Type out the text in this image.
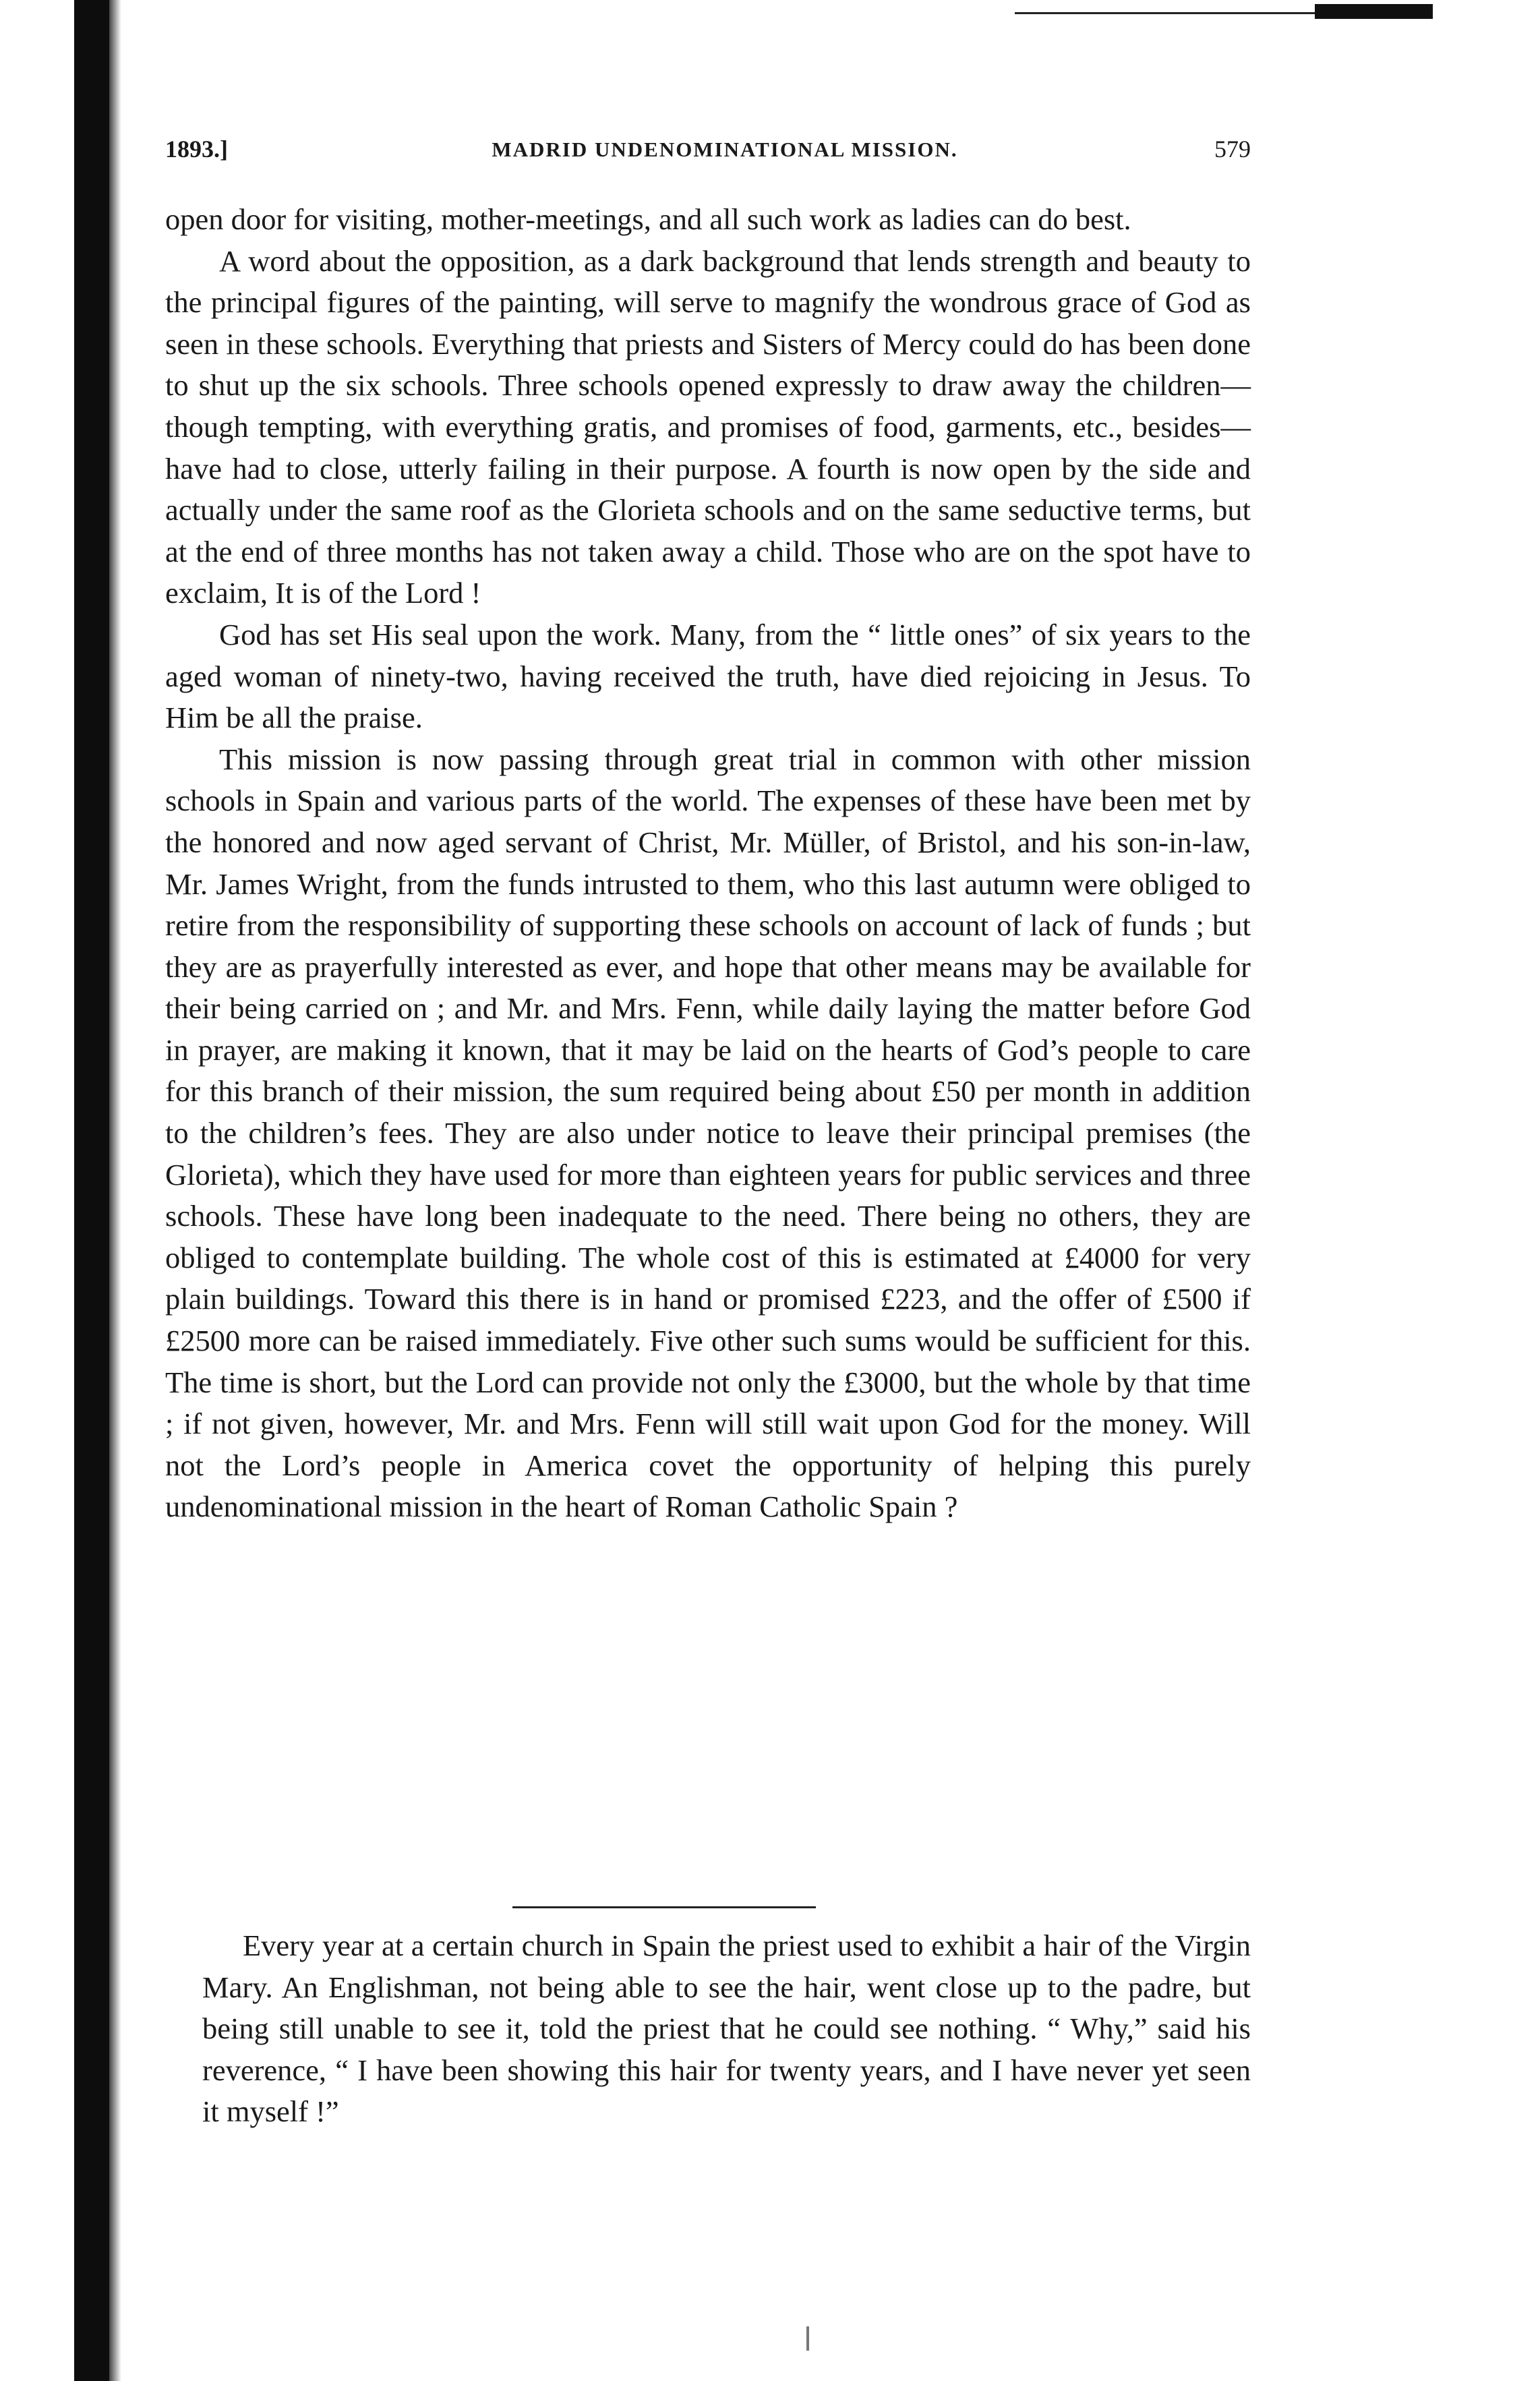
1893.]	MADRID UNDENOMINATIONAL MISSION.	579

open door for visiting, mother-meetings, and all such work as ladies can do best.

A word about the opposition, as a dark background that lends strength and beauty to the principal figures of the painting, will serve to magnify the wondrous grace of God as seen in these schools. Everything that priests and Sisters of Mercy could do has been done to shut up the six schools. Three schools opened expressly to draw away the children—though tempting, with everything gratis, and promises of food, garments, etc., besides—have had to close, utterly failing in their purpose. A fourth is now open by the side and actually under the same roof as the Glorieta schools and on the same seductive terms, but at the end of three months has not taken away a child. Those who are on the spot have to exclaim, It is of the Lord !

God has set His seal upon the work. Many, from the “ little ones” of six years to the aged woman of ninety-two, having received the truth, have died rejoicing in Jesus. To Him be all the praise.

This mission is now passing through great trial in common with other mission schools in Spain and various parts of the world. The expenses of these have been met by the honored and now aged servant of Christ, Mr. Müller, of Bristol, and his son-in-law, Mr. James Wright, from the funds intrusted to them, who this last autumn were obliged to retire from the responsibility of supporting these schools on account of lack of funds ; but they are as prayerfully interested as ever, and hope that other means may be available for their being carried on ; and Mr. and Mrs. Fenn, while daily laying the matter before God in prayer, are making it known, that it may be laid on the hearts of God’s people to care for this branch of their mission, the sum required being about £50 per month in addition to the children’s fees. They are also under notice to leave their principal premises (the Glorieta), which they have used for more than eighteen years for public services and three schools. These have long been inadequate to the need. There being no others, they are obliged to contemplate building. The whole cost of this is estimated at £4000 for very plain buildings. Toward this there is in hand or promised £223, and the offer of £500 if £2500 more can be raised immediately. Five other such sums would be sufficient for this. The time is short, but the Lord can provide not only the £3000, but the whole by that time ; if not given, however, Mr. and Mrs. Fenn will still wait upon God for the money. Will not the Lord’s people in America covet the opportunity of helping this purely undenominational mission in the heart of Roman Catholic Spain ?

Every year at a certain church in Spain the priest used to exhibit a hair of the Virgin Mary. An Englishman, not being able to see the hair, went close up to the padre, but being still unable to see it, told the priest that he could see nothing. “ Why,” said his reverence, “ I have been showing this hair for twenty years, and I have never yet seen it myself !”
